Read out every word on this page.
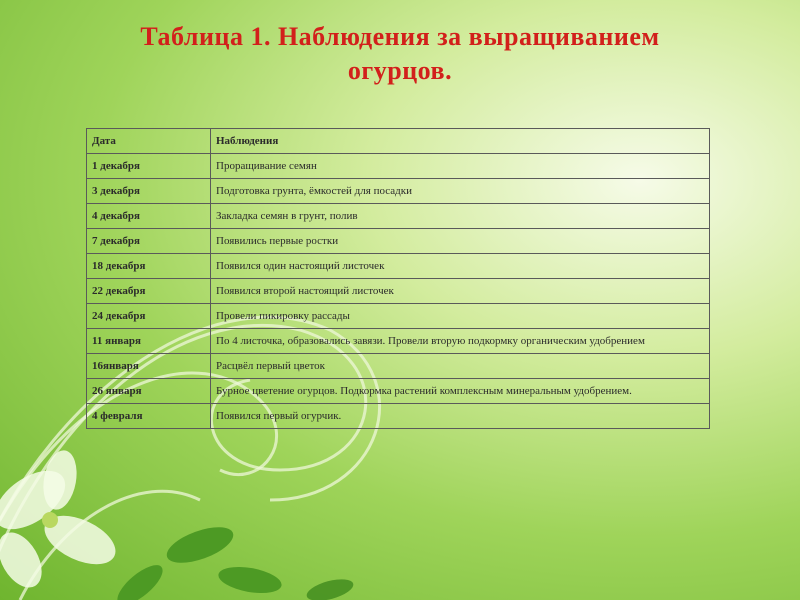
Таблица 1. Наблюдения за выращиванием
огурцов.
Дата	Наблюдения
1 декабря	Проращивание семян
3 декабря	Подготовка грунта, ёмкостей для посадки
4 декабря	Закладка семян в грунт, полив
7 декабря	Появились первые ростки
18 декабря	Появился один настоящий листочек
22 декабря	Появился второй настоящий листочек
24 декабря	Провели пикировку рассады
11 января	По 4 листочка, образовались завязи. Провели вторую подкормку органическим удобрением
16января	Расцвёл первый цветок
26 января	Бурное цветение огурцов. Подкормка растений комплексным минеральным удобрением.
4 февраля	Появился первый огурчик.
